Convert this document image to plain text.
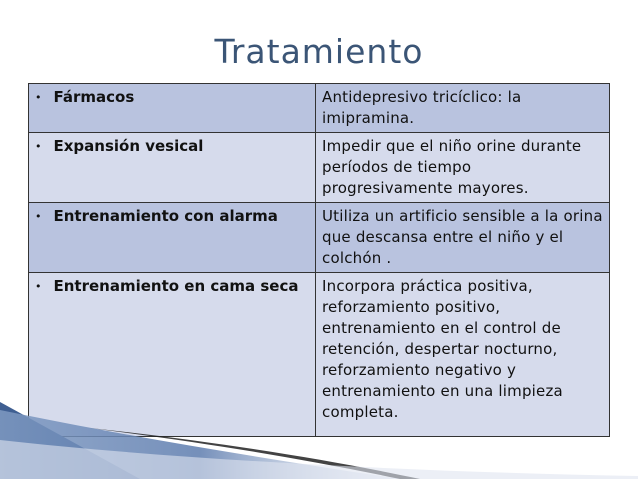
Tratamiento
• Fármacos	Antidepresivo tricíclico: la imipramina.
• Expansión vesical	Impedir que el niño orine durante períodos de tiempo progresivamente mayores.
• Entrenamiento con alarma	Utiliza un artificio sensible a la orina que descansa entre el niño y el colchón .
• Entrenamiento en cama seca	Incorpora práctica positiva, reforzamiento positivo, entrenamiento en el control de retención, despertar nocturno, reforzamiento negativo y entrenamiento en una limpieza completa.
